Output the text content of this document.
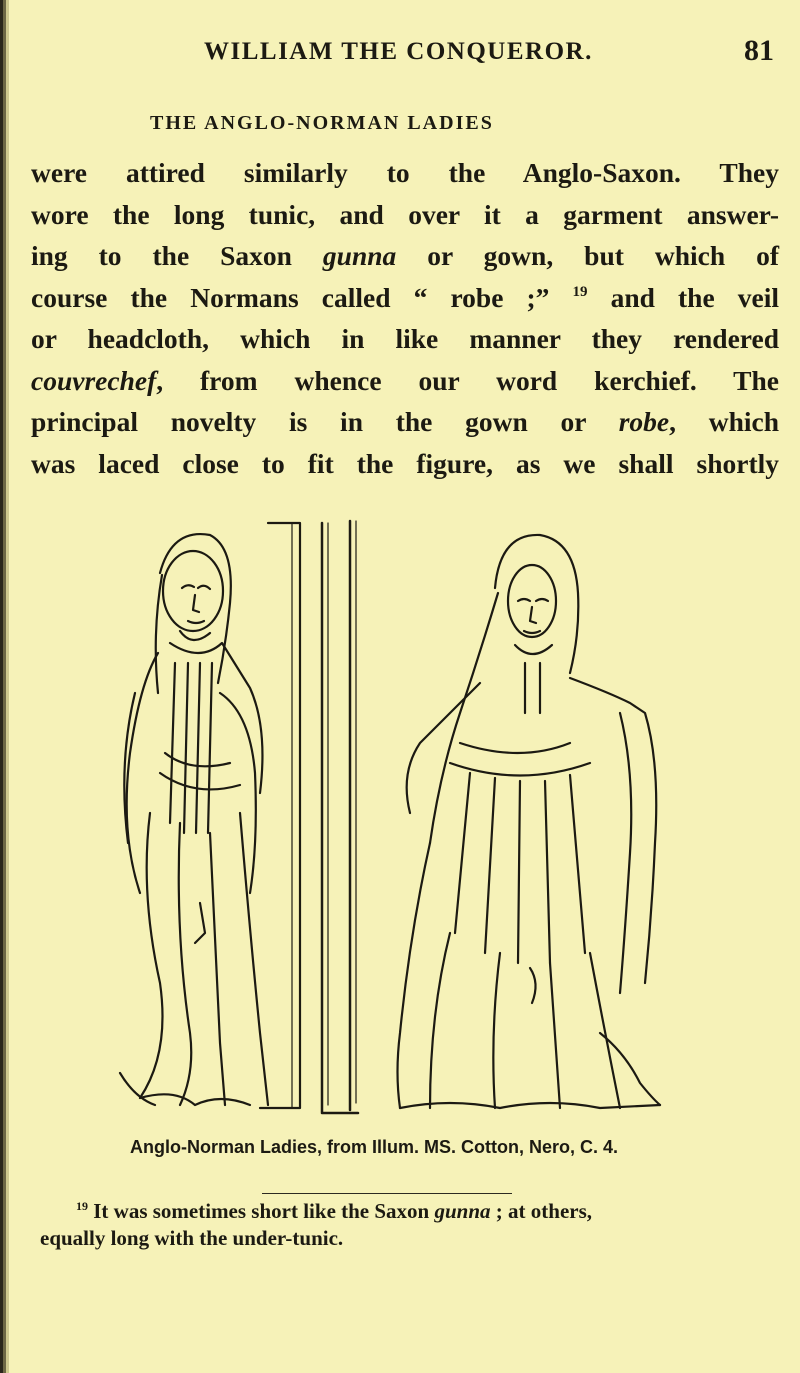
WILLIAM THE CONQUEROR.	81
THE ANGLO-NORMAN LADIES
were attired similarly to the Anglo-Saxon. They
wore the long tunic, and over it a garment answer-
ing to the Saxon gunna or gown, but which of
course the Normans called “ robe ;” $^{19}$ and the veil
or headcloth, which in like manner they rendered
couvrechef, from whence our word kerchief. The
principal novelty is in the gown or robe, which
was laced close to fit the figure, as we shall shortly
Anglo-Norman Ladies, from Illum. MS. Cotton, Nero, C. 4.
$^{19}$ It was sometimes short like the Saxon gunna ; at others,
equally long with the under-tunic.
